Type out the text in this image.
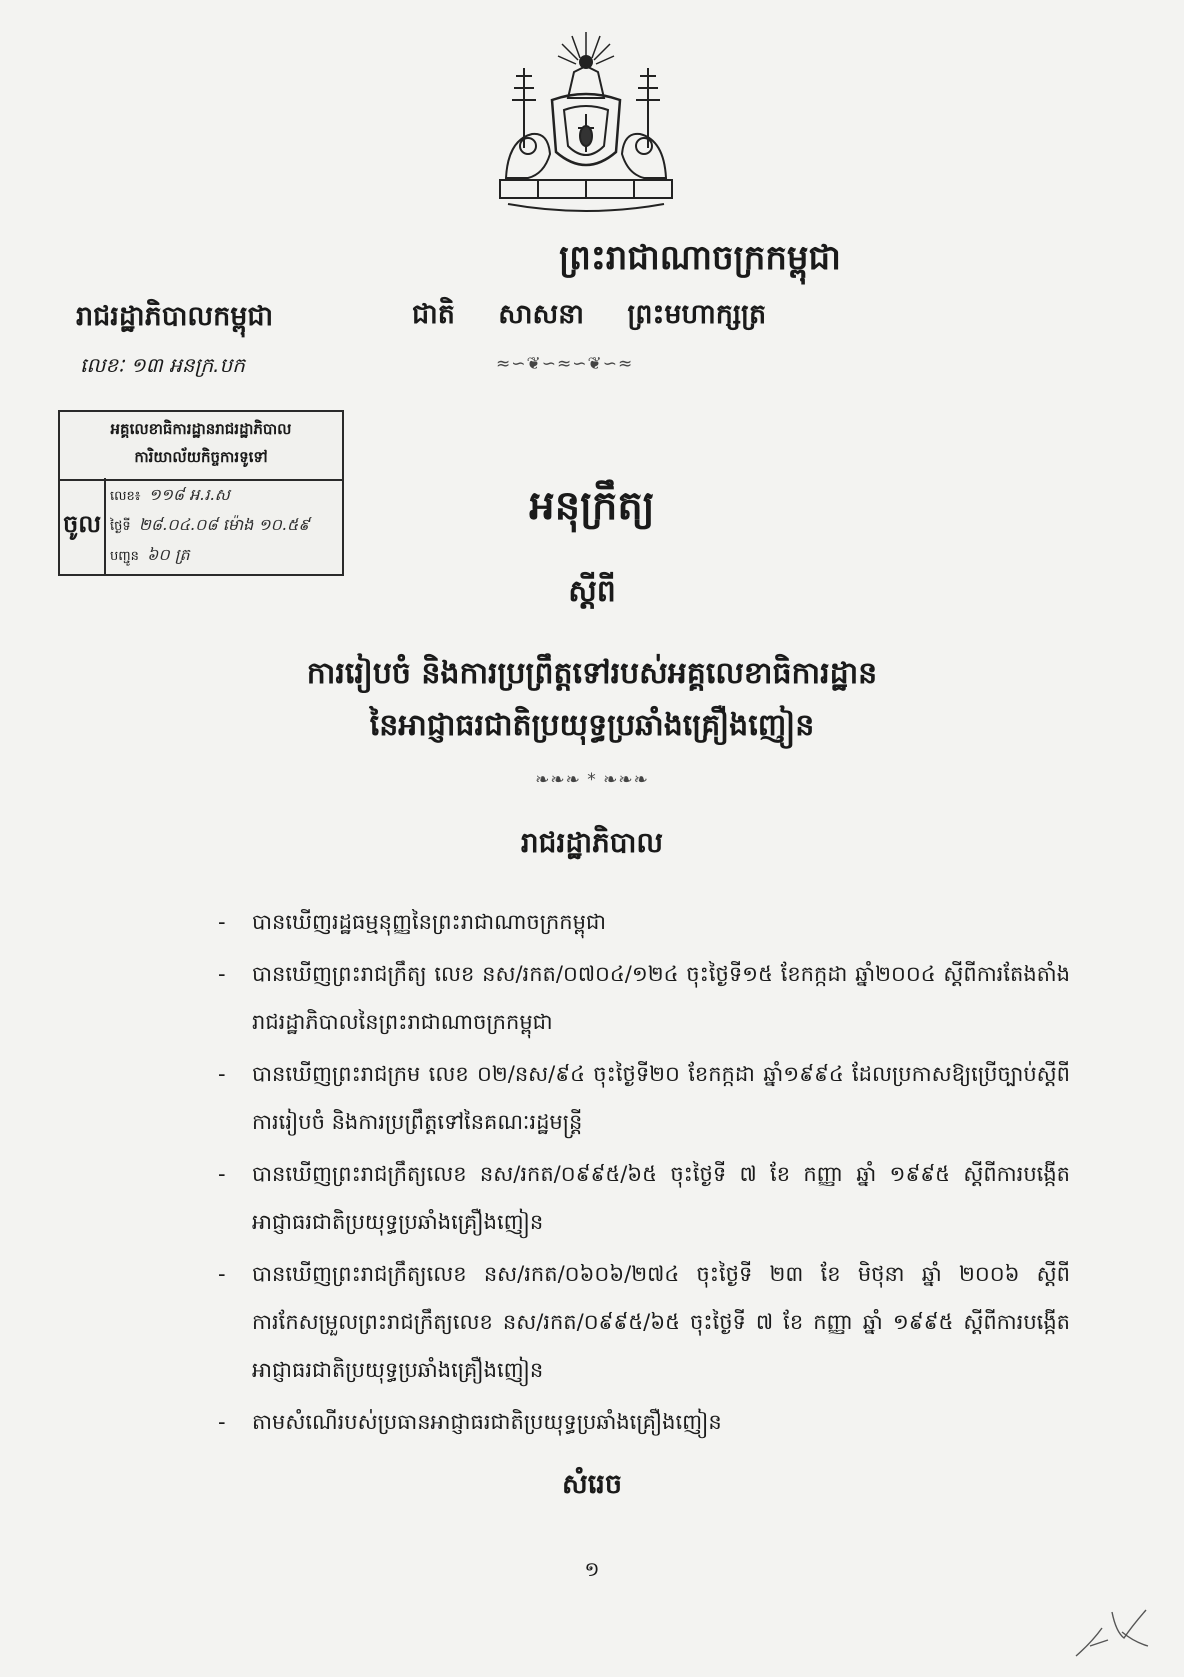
ព្រះរាជាណាចក្រកម្ពុជា
ជាតិ សាសនា ព្រះមហាក្សត្រ
≈∽❦∽≈∽❦∽≈
រាជរដ្ឋាភិបាលកម្ពុជា
លេខៈ ១៣ អនក្រ.បក
អគ្គលេខាធិការដ្ឋានរាជរដ្ឋាភិបាល
ការិយាល័យកិច្ចការទូទៅ
ចូល
លេខ៖ ១១៨ អ.រ.ស
ថ្ងៃទី ២៨.០៤.០៨ ម៉ោង ១០.៥៩
បញ្ជូន ៦០ ត្រ
អនុក្រឹត្យ
ស្តីពី
ការរៀបចំ និងការប្រព្រឹត្តទៅរបស់អគ្គលេខាធិការដ្ឋាន
នៃអាជ្ញាធរជាតិប្រយុទ្ធប្រឆាំងគ្រឿងញៀន
❧❧❧ * ❧❧❧
រាជរដ្ឋាភិបាល
- បានឃើញរដ្ឋធម្មនុញ្ញនៃព្រះរាជាណាចក្រកម្ពុជា
- បានឃើញព្រះរាជក្រឹត្យ លេខ នស/រកត/០៧០៤/១២៤ ចុះថ្ងៃទី១៥ ខែកក្កដា ឆ្នាំ២០០៤ ស្តីពីការតែងតាំងរាជរដ្ឋាភិបាលនៃព្រះរាជាណាចក្រកម្ពុជា
- បានឃើញព្រះរាជក្រម លេខ ០២/នស/៩៤ ចុះថ្ងៃទី២០ ខែកក្កដា ឆ្នាំ១៩៩៤ ដែលប្រកាសឱ្យប្រើច្បាប់ស្តីពីការរៀបចំ និងការប្រព្រឹត្តទៅនៃគណៈរដ្ឋមន្ត្រី
- បានឃើញព្រះរាជក្រឹត្យលេខ នស/រកត/០៩៩៥/៦៥ ចុះថ្ងៃទី ៧ ខែ កញ្ញា ឆ្នាំ ១៩៩៥ ស្តីពីការបង្កើតអាជ្ញាធរជាតិប្រយុទ្ធប្រឆាំងគ្រឿងញៀន
- បានឃើញព្រះរាជក្រឹត្យលេខ នស/រកត/០៦០៦/២៧៤ ចុះថ្ងៃទី ២៣ ខែ មិថុនា ឆ្នាំ ២០០៦ ស្តីពីការកែសម្រួលព្រះរាជក្រឹត្យលេខ នស/រកត/០៩៩៥/៦៥ ចុះថ្ងៃទី ៧ ខែ កញ្ញា ឆ្នាំ ១៩៩៥ ស្តីពីការបង្កើតអាជ្ញាធរជាតិប្រយុទ្ធប្រឆាំងគ្រឿងញៀន
- តាមសំណើរបស់ប្រធានអាជ្ញាធរជាតិប្រយុទ្ធប្រឆាំងគ្រឿងញៀន
សំរេច
១
